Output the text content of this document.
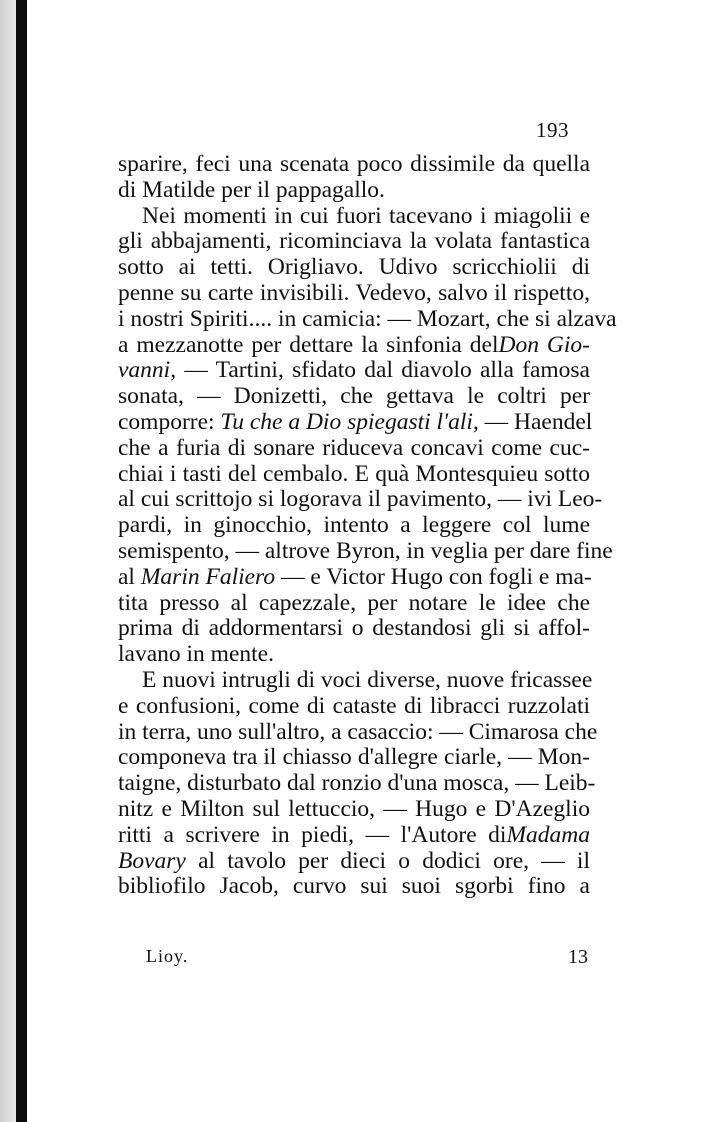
193
sparire, feci una scenata poco dissimile da quella
di Matilde per il pappagallo.
Nei momenti in cui fuori tacevano i miagolii e
gli abbajamenti, ricominciava la volata fantastica
sotto ai tetti. Origliavo. Udivo scricchiolii di
penne su carte invisibili. Vedevo, salvo il rispetto,
i nostri Spiriti.... in camicia: — Mozart, che si alzava
a mezzanotte per dettare la sinfonia delDon Gio-
vanni, — Tartini, sfidato dal diavolo alla famosa
sonata, — Donizetti, che gettava le coltri per
comporre: Tu che a Dio spiegasti l'ali, — Haendel
che a furia di sonare riduceva concavi come cuc-
chiai i tasti del cembalo. E quà Montesquieu sotto
al cui scrittojo si logorava il pavimento, — ivi Leo-
pardi, in ginocchio, intento a leggere col lume
semispento, — altrove Byron, in veglia per dare fine
al Marin Faliero — e Victor Hugo con fogli e ma-
tita presso al capezzale, per notare le idee che
prima di addormentarsi o destandosi gli si affol-
lavano in mente.
E nuovi intrugli di voci diverse, nuove fricassee
e confusioni, come di cataste di libracci ruzzolati
in terra, uno sull'altro, a casaccio: — Cimarosa che
componeva tra il chiasso d'allegre ciarle, — Mon-
taigne, disturbato dal ronzio d'una mosca, — Leib-
nitz e Milton sul lettuccio, — Hugo e D'Azeglio
ritti a scrivere in piedi, — l'Autore diMadama
Bovary al tavolo per dieci o dodici ore, — il
bibliofilo Jacob, curvo sui suoi sgorbi fino a
Lioy.	13
